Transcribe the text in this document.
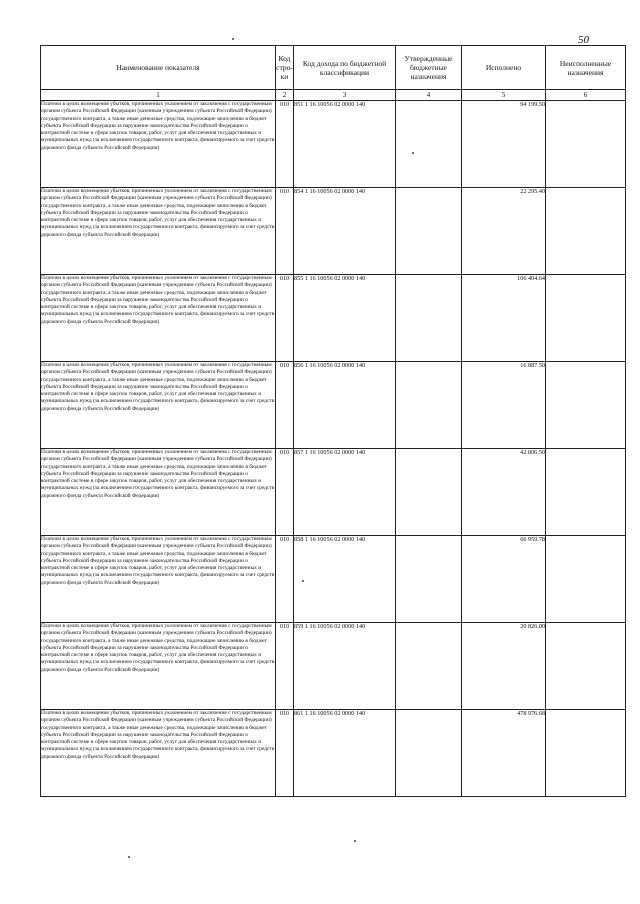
50
Наименование показателя	Код стро-ки	Код дохода по бюджетной классификации	Утвержденные бюджетные назначения	Исполнено	Неисполненные назначения
1	2	3	4	5	6
Платежи в целях возмещения убытков, причиненных уклонением от заключения с государственным органом субъекта Российской Федерации (казенным учреждением субъекта Российской Федерации) государственного контракта, а также иные денежные средства, подлежащие зачислению в бюджет субъекта Российской Федерации за нарушение законодательства Российской Федерации о контрактной системе в сфере закупок товаров, работ, услуг для обеспечения государственных и муниципальных нужд (за исключением государственного контракта, финансируемого за счет средств дорожного фонда субъекта Российской Федерации)	010	851 1 16 10056 02 0000 140		94 199.50	
Платежи в целях возмещения убытков, причиненных уклонением от заключения с государственным органом субъекта Российской Федерации (казенным учреждением субъекта Российской Федерации) государственного контракта, а также иные денежные средства, подлежащие зачислению в бюджет субъекта Российской Федерации за нарушение законодательства Российской Федерации о контрактной системе в сфере закупок товаров, работ, услуг для обеспечения государственных и муниципальных нужд (за исключением государственного контракта, финансируемого за счет средств дорожного фонда субъекта Российской Федерации)	010	854 1 16 10056 02 0000 140		22 295.40	
Платежи в целях возмещения убытков, причиненных уклонением от заключения с государственным органом субъекта Российской Федерации (казенным учреждением субъекта Российской Федерации) государственного контракта, а также иные денежные средства, подлежащие зачислению в бюджет субъекта Российской Федерации за нарушение законодательства Российской Федерации о контрактной системе в сфере закупок товаров, работ, услуг для обеспечения государственных и муниципальных нужд (за исключением государственного контракта, финансируемого за счет средств дорожного фонда субъекта Российской Федерации)	010	855 1 16 10056 02 0000 140		106 404.64	
Платежи в целях возмещения убытков, причиненных уклонением от заключения с государственным органом субъекта Российской Федерации (казенным учреждением субъекта Российской Федерации) государственного контракта, а также иные денежные средства, подлежащие зачислению в бюджет субъекта Российской Федерации за нарушение законодательства Российской Федерации о контрактной системе в сфере закупок товаров, работ, услуг для обеспечения государственных и муниципальных нужд (за исключением государственного контракта, финансируемого за счет средств дорожного фонда субъекта Российской Федерации)	010	856 1 16 10056 02 0000 140		16 887.50	
Платежи в целях возмещения убытков, причиненных уклонением от заключения с государственным органом субъекта Российской Федерации (казенным учреждением субъекта Российской Федерации) государственного контракта, а также иные денежные средства, подлежащие зачислению в бюджет субъекта Российской Федерации за нарушение законодательства Российской Федерации о контрактной системе в сфере закупок товаров, работ, услуг для обеспечения государственных и муниципальных нужд (за исключением государственного контракта, финансируемого за счет средств дорожного фонда субъекта Российской Федерации)	010	857 1 16 10056 02 0000 140		42 806.50	
Платежи в целях возмещения убытков, причиненных уклонением от заключения с государственным органом субъекта Российской Федерации (казенным учреждением субъекта Российской Федерации) государственного контракта, а также иные денежные средства, подлежащие зачислению в бюджет субъекта Российской Федерации за нарушение законодательства Российской Федерации о контрактной системе в сфере закупок товаров, работ, услуг для обеспечения государственных и муниципальных нужд (за исключением государственного контракта, финансируемого за счет средств дорожного фонда субъекта Российской Федерации)	010	858 1 16 10056 02 0000 140		66 959.78	
Платежи в целях возмещения убытков, причиненных уклонением от заключения с государственным органом субъекта Российской Федерации (казенным учреждением субъекта Российской Федерации) государственного контракта, а также иные денежные средства, подлежащие зачислению в бюджет субъекта Российской Федерации за нарушение законодательства Российской Федерации о контрактной системе в сфере закупок товаров, работ, услуг для обеспечения государственных и муниципальных нужд (за исключением государственного контракта, финансируемого за счет средств дорожного фонда субъекта Российской Федерации)	010	859 1 16 10056 02 0000 140		20 826.00	
Платежи в целях возмещения убытков, причиненных уклонением от заключения с государственным органом субъекта Российской Федерации (казенным учреждением субъекта Российской Федерации) государственного контракта, а также иные денежные средства, подлежащие зачислению в бюджет субъекта Российской Федерации за нарушение законодательства Российской Федерации о контрактной системе в сфере закупок товаров, работ, услуг для обеспечения государственных и муниципальных нужд (за исключением государственного контракта, финансируемого за счет средств дорожного фонда субъекта Российской Федерации)	010	861 1 16 10056 02 0000 140		478 976.68	
